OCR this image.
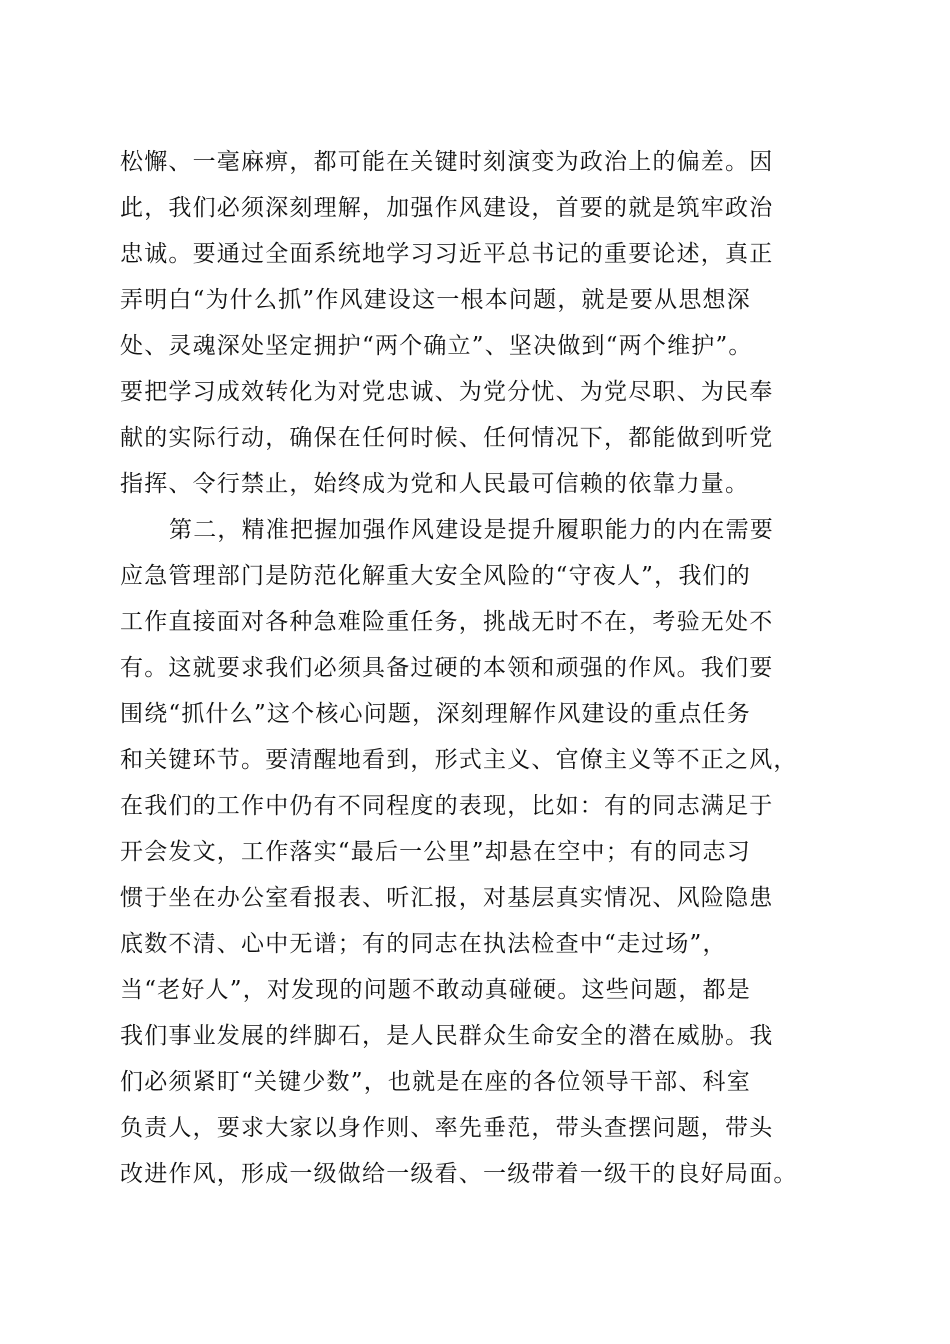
松懈、一毫麻痹，都可能在关键时刻演变为政治上的偏差。因
此，我们必须深刻理解，加强作风建设，首要的就是筑牢政治
忠诚。要通过全面系统地学习习近平总书记的重要论述，真正
弄明白“为什么抓”作风建设这一根本问题，就是要从思想深
处、灵魂深处坚定拥护“两个确立”、坚决做到“两个维护”。
要把学习成效转化为对党忠诚、为党分忧、为党尽职、为民奉
献的实际行动，确保在任何时候、任何情况下，都能做到听党
指挥、令行禁止，始终成为党和人民最可信赖的依靠力量。
第二，精准把握加强作风建设是提升履职能力的内在需要
应急管理部门是防范化解重大安全风险的“守夜人”，我们的
工作直接面对各种急难险重任务，挑战无时不在，考验无处不
有。这就要求我们必须具备过硬的本领和顽强的作风。我们要
围绕“抓什么”这个核心问题，深刻理解作风建设的重点任务
和关键环节。要清醒地看到，形式主义、官僚主义等不正之风，
在我们的工作中仍有不同程度的表现，比如：有的同志满足于
开会发文，工作落实“最后一公里”却悬在空中；有的同志习
惯于坐在办公室看报表、听汇报，对基层真实情况、风险隐患
底数不清、心中无谱；有的同志在执法检查中“走过场”，
当“老好人”，对发现的问题不敢动真碰硬。这些问题，都是
我们事业发展的绊脚石，是人民群众生命安全的潜在威胁。我
们必须紧盯“关键少数”，也就是在座的各位领导干部、科室
负责人，要求大家以身作则、率先垂范，带头查摆问题，带头
改进作风，形成一级做给一级看、一级带着一级干的良好局面。
